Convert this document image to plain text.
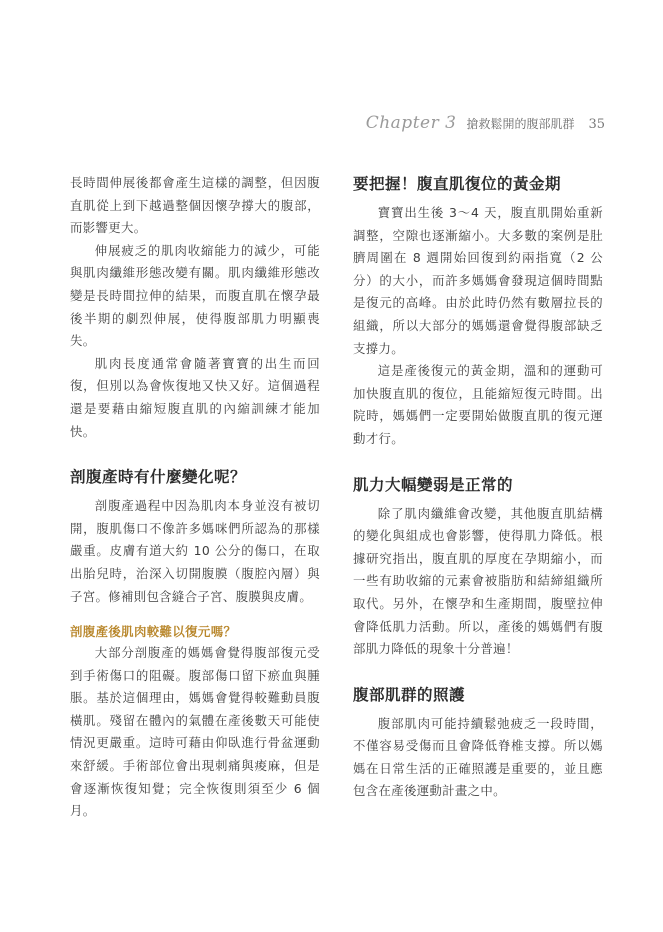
Chapter 3 搶救鬆開的腹部肌群 35

長時間伸展後都會產生這樣的調整，但因腹直肌從上到下越過整個因懷孕撐大的腹部，而影響更大。

伸展疲乏的肌肉收縮能力的減少，可能與肌肉纖維形態改變有關。肌肉纖維形態改變是長時間拉伸的結果，而腹直肌在懷孕最後半期的劇烈伸展，使得腹部肌力明顯喪失。

肌肉長度通常會隨著寶寶的出生而回復，但別以為會恢復地又快又好。這個過程還是要藉由縮短腹直肌的內縮訓練才能加快。

剖腹產時有什麼變化呢？

剖腹產過程中因為肌肉本身並沒有被切開，腹肌傷口不像許多媽咪們所認為的那樣嚴重。皮膚有道大約 10 公分的傷口，在取出胎兒時，治深入切開腹膜（腹腔內層）與子宮。修補則包含縫合子宮、腹膜與皮膚。

剖腹產後肌肉較難以復元嗎？

大部分剖腹產的媽媽會覺得腹部復元受到手術傷口的阻礙。腹部傷口留下瘀血與腫脹。基於這個理由，媽媽會覺得較難動員腹橫肌。殘留在體內的氣體在產後數天可能使情況更嚴重。這時可藉由仰臥進行骨盆運動來舒緩。手術部位會出現刺痛與痠麻，但是會逐漸恢復知覺；完全恢復則須至少 6 個月。

要把握！腹直肌復位的黃金期

寶寶出生後 3～4 天，腹直肌開始重新調整，空隙也逐漸縮小。大多數的案例是肚臍周圍在 8 週開始回復到約兩指寬（2 公分）的大小，而許多媽媽會發現這個時間點是復元的高峰。由於此時仍然有數層拉長的組織，所以大部分的媽媽還會覺得腹部缺乏支撐力。

這是產後復元的黃金期，溫和的運動可加快腹直肌的復位，且能縮短復元時間。出院時，媽媽們一定要開始做腹直肌的復元運動才行。

肌力大幅變弱是正常的

除了肌肉纖維會改變，其他腹直肌結構的變化與組成也會影響，使得肌力降低。根據研究指出，腹直肌的厚度在孕期縮小，而一些有助收縮的元素會被脂肪和結締組織所取代。另外，在懷孕和生產期間，腹壁拉伸會降低肌力活動。所以，產後的媽媽們有腹部肌力降低的現象十分普遍！

腹部肌群的照護

腹部肌肉可能持續鬆弛疲乏一段時間，不僅容易受傷而且會降低脊椎支撐。所以媽媽在日常生活的正確照護是重要的，並且應包含在產後運動計畫之中。
